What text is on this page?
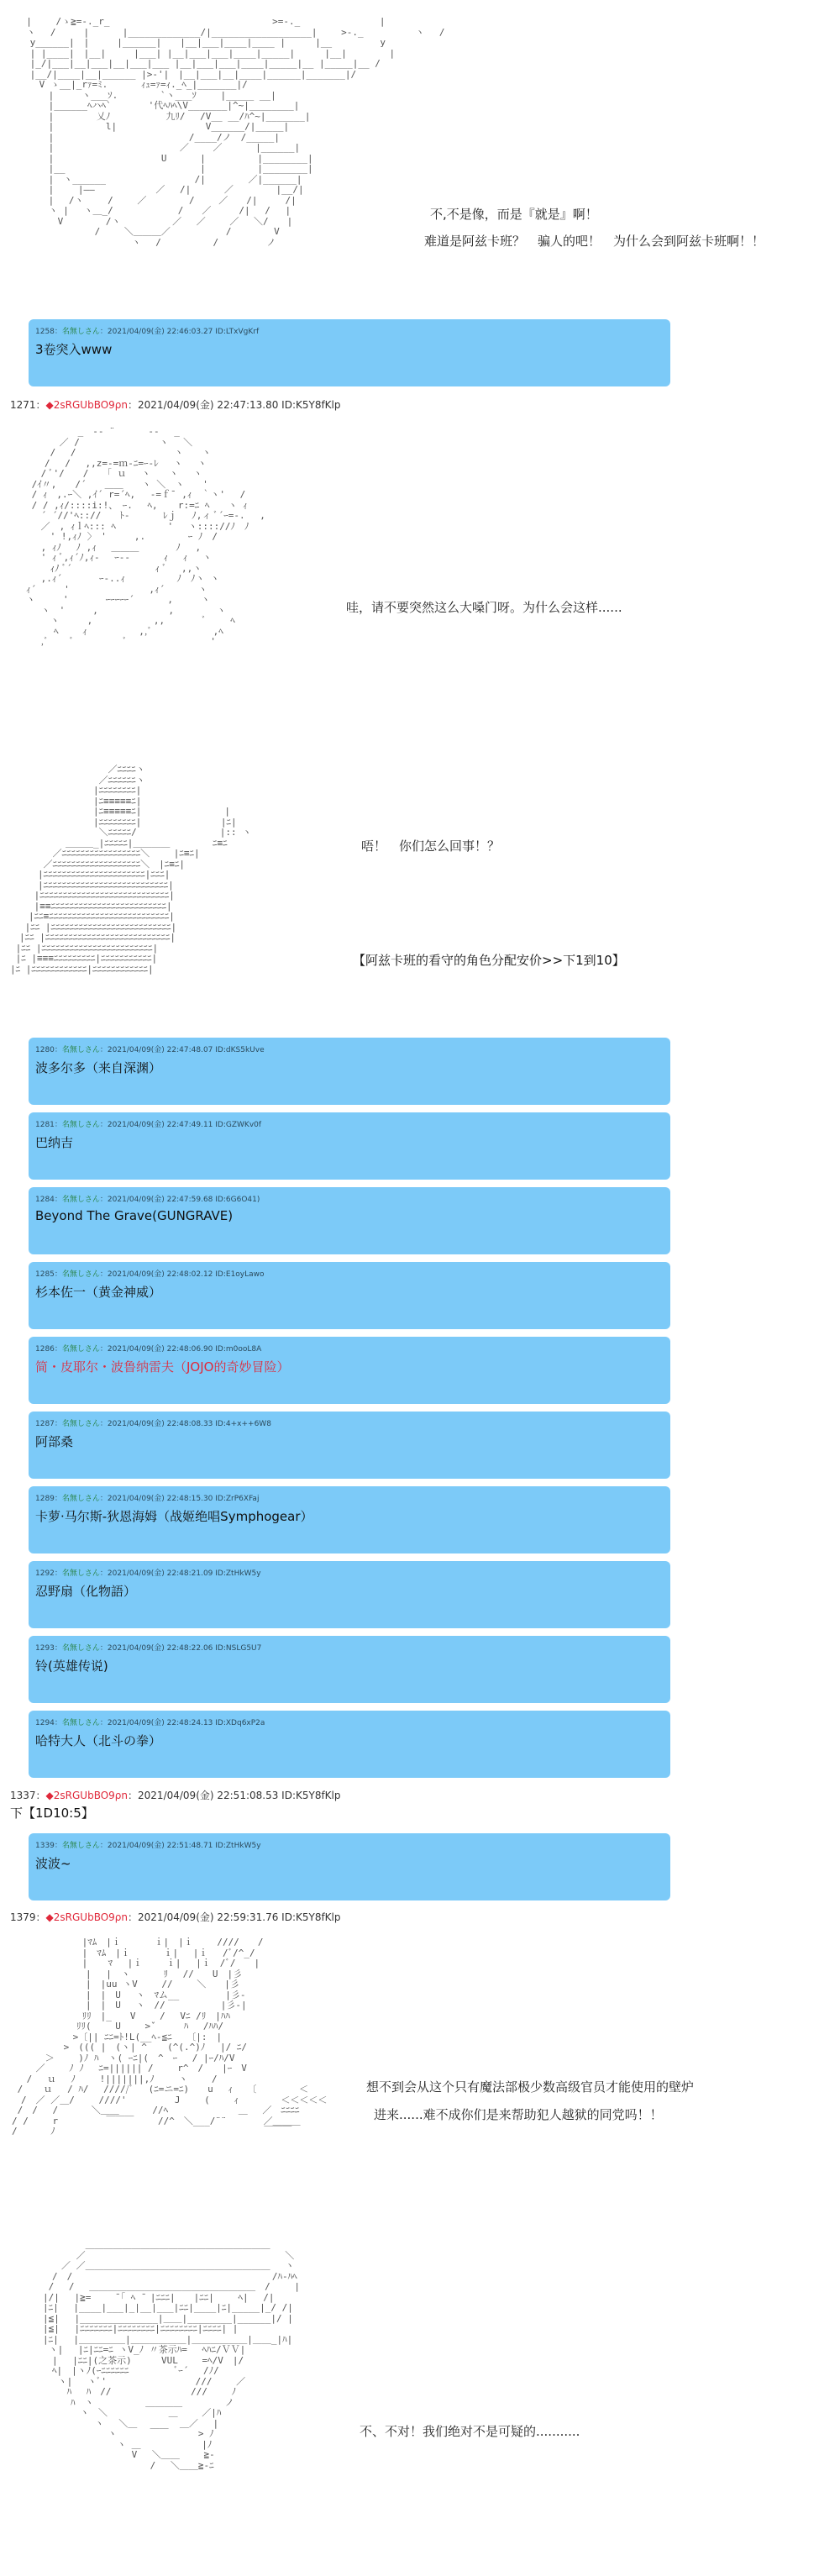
|　　 /ゝ≧=-._r_　　　　　　　　　　　　　　　　　 >=-._　　　　　　　　 |
ヽ　 /　　　|　　　 |_____________/|__________________|　 　>-._　　　　　 ヽ　 /
　 y______|　|　　　|______|　　|__|___|____|____ |　 　 |__　　 　　 y
　 | |____|　|__|　　　|___| |__|___|___|____|_____|　 　 |__|　　　 　|
　 |_/|___|__|___|__|___|___ |__|___|___|____|_____|__ |_____|__ /
　 |__/|____|__|______ |>-'|　|__|___|__|____|______|_______|/
　　 V ゝ__|_rｧ=ﾐ.　　　 ｨｭ=ｧ=ｨ._ﾍ_|_______|/
　　　 |　　　ヽ___ｿ.　　　　 `ヽ___ｿ　　 |_____ __|
　　　 |______ﾍハﾍ`　　　　'代ﾍﾊﾍ\V_______|^~|________|
　　　 |　　　　 乂ﾉ　　　　　　九ﾘ/　 /V__ __/ﾊ^~|_______|
　　　 |　　　　　 l|　　　　　　　　　 V______/|_____|
　　　 |　　　　　　　　　　　　　　 /____/ノ　/_____|
　　　 |　　　　　　　　　　　　　 ／　　 ／　　　 |______|
　　　 |　　　　　　　　　　　 U　　　 |　　　　　 |________|
　　　 |__　　　　　　　　　　　　　　 |　　　　　 |________|
　　　 |　ヽ______　　　　　　　　　 /|　　　　 ／|______|
　　 　|　　 |――　　　　　　 ／　 /|　　 　／　　　　 |__/|
　　　 |　 /ヽ　 　/　　 ／　　　　 /　　 ／　　/|　　　/|
　　　 ヽ |　 ヽ＿_/　　　　　　　/　　／　　　/|　 /　 |
　　　　 V　　　　 /ヽ　　　 　　／　 ／　　 ／　 ＼/　　|
　　　　　　　　 /　　 ＼＿＿＿／　　　　　　/　　　　 V
　　　　　　　　　　　　 ヽ　 /　　　　　 /　 　　　 ノ
不,不是像，而是『就是』啊！
难道是阿兹卡班？　骗人的吧！　为什么会到阿兹卡班啊！！
1258：名無しさん：2021/04/09(金) 22:46:03.27 ID:LTxVgKrf
3卷突入www
1271：◆2sRGUbBO9ρn：2021/04/09(金) 22:47:13.80 ID:K5Y8fKlp
　　　　　　 _　-‐ ¨￣￣￣ ‐-　 _
　　　　 ／ /　　　　　　　　 ヽ　 ＼
　　　 /　 /　　　　　　　　　　 ヽ　　ヽ
　　　/　 /　 ,,z=‐=ｍ-ﾆ=ｰ-ﾚ　 ヽ　 ヽ
　　 / ﾞ'/　　/　　「 ｕ　 ヽ　　ヽ　 ヽ
　 /ｲ〃,　　/´　　＿＿　　ヽ ＼　ヽ　　'
　 / ｨ　,.ｰ＼ ,ｲ´ r=´ﾍ,　 -=ｆ¯ ,ｨ　｀ヽ'　 /
　 / / ,ｨ/::::i:!、　ｰ.　 ﾍ, 　 r:=ﾆ ﾍ　　ヽ ｨ
　　 ´ ´//'ﾍ:://　　ﾄ-　　　 ﾚｊ　 ﾉ,ィ ﾞ´ｰ=-.　 ,
　　 ／　, ｨｌﾍ::: ﾍ　　　　　 '　 ヽ:::://ﾉ　ﾉ
　　　 ' !,ｨﾉ 〉　'　　　,.　　　　 ｰ ﾉ　/
　　 , ｨﾉ　 ﾉ ,ｨ　 ＿＿＿　　　　ﾉ　 ,
　　 ' ｨ ﾞ,ｨ´ﾉ,ｨ-　 ｰ--　　　 ｨ　 ｨ 　ヽ
　　　 ｨﾉ ﾞ´　　　　　　　　　ｨ ﾞ　 ,,ヽ
　　 ,.ｨ´　　　　ｰ-..ｨ　　　　　 ﾉ　ﾉヽ ヽ
　ｨ´　　　'　　　　　　　　 ,ｨ´　　　 ヽ
　ヽ　　　'　　　　ｰｰｰｰｰ´　　　 ,　　　ヽ
　　 ヽ　'　　　,　　　　　　　 ,　　　　 ヽ
　　　 ヽ　　　,　　　　　　 ,,　　　　ﾞ　　 ﾍ
　　　　ﾍ　　 ｨ　　　　　 ,,ﾞ　　　　　　 ,ﾍ
　　 ,ﾞ　　 ﾞ　　　　　 ﾞ　　　　　　　　　'
哇，请不要突然这么大嗓门呀。为什么会这样......
　　　　　　　　　　 ／ﾆﾆﾆﾆヽ
　　　　　　　　　 ／ﾆﾆﾆﾆﾆﾆヽ
　　　　　　　　　|ﾆﾆﾆﾆﾆﾆﾆﾆ|
　　　　　　　　　|ﾆ≡≡≡≡≡ﾆ|
　　　　　　　　　|ﾆ≡≡≡≡≡ﾆ|　　　　　　　　　|
　　　　　　　　　|ﾆﾆﾆﾆﾆﾆﾆﾆ|　　　　　　　　 |ﾆ|
　　　　　　　　　 ＼ﾆﾆﾆﾆﾆ/　　　　　　　　　|:: ヽ
　　　　　　＿＿＿_|ﾆﾆﾆﾆﾆ|＿＿＿＿　　　　 ﾆ≡ﾆ
　　　　 ／ﾆﾆﾆﾆﾆﾆﾆﾆﾆﾆﾆﾆﾆﾆﾆﾆﾆ＼　　 |ﾆ≡ﾆ|
　　　 ／ﾆﾆﾆﾆﾆﾆﾆﾆﾆﾆﾆﾆﾆﾆﾆﾆﾆﾆﾆ＼　|ﾆ≡ﾆ|
　　　|ﾆﾆﾆﾆﾆﾆﾆﾆﾆﾆﾆﾆﾆﾆﾆﾆﾆﾆﾆﾆﾆﾆ|ﾆﾆﾆ|
　　　|ﾆﾆﾆﾆﾆﾆﾆﾆﾆﾆﾆﾆﾆﾆﾆﾆﾆﾆﾆﾆﾆﾆﾆﾆﾆﾆﾆ|
　　 |ﾆﾆﾆﾆﾆﾆﾆﾆﾆﾆﾆﾆﾆﾆﾆﾆﾆﾆﾆﾆﾆﾆﾆﾆﾆﾆﾆﾆ|
　　 |≡≡ﾆﾆﾆﾆﾆﾆﾆﾆﾆﾆﾆﾆﾆﾆﾆﾆﾆﾆﾆﾆﾆﾆﾆﾆﾆ|
　　|ﾆﾆ≡ﾆﾆﾆﾆﾆﾆﾆﾆﾆﾆﾆﾆﾆﾆﾆﾆﾆﾆﾆﾆﾆﾆﾆﾆﾆﾆ|
　 |ﾆﾆ |ﾆﾆﾆﾆﾆﾆﾆﾆﾆﾆﾆﾆﾆﾆﾆﾆﾆﾆﾆﾆﾆﾆﾆﾆﾆﾆ|
　|ﾆﾆ |ﾆﾆﾆﾆﾆﾆﾆﾆﾆﾆﾆﾆﾆﾆﾆﾆﾆﾆﾆﾆﾆﾆﾆﾆﾆﾆﾆ|
|ﾆﾆ |ﾆﾆﾆﾆﾆﾆﾆﾆﾆﾆﾆﾆﾆﾆﾆﾆﾆﾆﾆﾆﾆﾆﾆﾆ|
|ﾆ |≡≡≡ﾆﾆﾆﾆﾆﾆﾆﾆﾆ|ﾆﾆﾆﾆﾆﾆﾆﾆﾆﾆﾆ|
|ﾆ |ﾆﾆﾆﾆﾆﾆﾆﾆﾆﾆﾆﾆ|ﾆﾆﾆﾆﾆﾆﾆﾆﾆﾆﾆﾆ|
唔！　你们怎么回事！？
【阿兹卡班的看守的角色分配安价>>下1到10】
1280：名無しさん：2021/04/09(金) 22:47:48.07 ID:dKS5kUve
波多尔多（来自深渊）
1281：名無しさん：2021/04/09(金) 22:47:49.11 ID:GZWKv0f
巴纳吉
1284：名無しさん：2021/04/09(金) 22:47:59.68 ID:6G6O41)
Beyond The Grave(GUNGRAVE)
1285：名無しさん：2021/04/09(金) 22:48:02.12 ID:E1oyLawo
杉本佐一（黄金神威）
1286：名無しさん：2021/04/09(金) 22:48:06.90 ID:m0ooL8A
简・皮耶尔・波鲁纳雷夫（JOJO的奇妙冒险）
1287：名無しさん：2021/04/09(金) 22:48:08.33 ID:4+x++6W8
阿部桑
1289：名無しさん：2021/04/09(金) 22:48:15.30 ID:ZrP6XFaj
卡萝·马尔斯-狄恩海姆（战姬绝唱Symphogear）
1292：名無しさん：2021/04/09(金) 22:48:21.09 ID:ZtHkW5y
忍野扇（化物語）
1293：名無しさん：2021/04/09(金) 22:48:22.06 ID:NSLG5U7
铃(英雄传说)
1294：名無しさん：2021/04/09(金) 22:48:24.13 ID:XDq6xP2a
哈特大人（北斗の拳）
1337：◆2sRGUbBO9ρn：2021/04/09(金) 22:51:08.53 ID:K5Y8fKlp
下【1D10:5】
1339：名無しさん：2021/04/09(金) 22:51:48.71 ID:ZtHkW5y
波波~
1379：◆2sRGUbBO9ρn：2021/04/09(金) 22:59:31.76 ID:K5Y8fKlp
　　　　　　　 |ﾏﾑ　|ｉ　　　 ｉ|　|ｉ　　 ////　　/
　　　　　　　 |　ﾏﾑ　|ｉ　　　 ｉ|　 |ｉ　 /ﾞ/^_/
　　　　　　　 | 　 ﾏ 　|ｉ　　 ｉ|　 |ｉ　/ﾞ/　　|
　　　　　　　　| 　|　ヽ　　　 ﾘ　 //　　U　|彡
　　　　　　　　|　|uu ヽV　　 //　　 ＼　　|彡
　　　　　　　　|　|　U　 ヽ　ﾏム__　　　　　|彡-
　　　　　　　　|　|　U　 ヽ　//　　　　　　|彡-|
　　　　　　　 ﾘﾘ　|_　　V　　 /　 Vﾆ /ﾘ　|ﾊﾊ
　　　　　　　ﾘﾘ(　 　U　　 >ˇ　　　ﾊ　 /ﾊﾊ/
　　　　　　 >〔|| ﾆﾆ=ﾄ!L(__ﾍ-≦ﾆ　 〔|:　|
　　　　　 >　((( |　(ヽ| ^ 　 (^(.^)ﾉ　 |/ ﾆ/
　　　 ＞　 　)ﾉ ﾊ　ヽ( ｰﾆ|(　^　ｰ　 / |ｰ/ﾊ/V
　　 ／　　 ﾉ ﾉ　 ﾆ=|||||| /　　 r^　/　　|ｰ　V
　 / 　ｕ　 ﾉ　　 !|||||||,ﾉ　　 ヽ　　 /
/ 　 ｕ 　/ ﾊ/　 /////ﾞ　 (ﾆ=ニ=ﾆ)　　u　 ｨ　 〔　　　　 ＜
　/　／ ／＿/　　 ////' 　　　　 J　　 (　　 ｨ　　　　 ＜＜＜＜＜
/　/　 /　　　 ＼＿＿　　　 //ﾍ　　　　　　　 ＿　 ／　ﾆﾆﾆﾆ
/ /　　 r 　　　　 ￣￣￣　　 //^　＼___/¨¨　　　　／＿＿＿
/　　　 ﾉ　　　　　　　　　　　　　　　　　　　　　　 ￣￣￣
想不到会从这个只有魔法部极少数高级官员才能使用的壁炉
进来......难不成你们是来帮助犯人越狱的同党吗！！
　　　　　　　 ＿＿＿＿＿＿＿＿＿＿＿＿＿＿＿＿＿＿＿＿
　　　　　　 ／　　　　　　　　　　　　　　　　　　　　　 ＼
　　　　　／ ／＿＿＿＿＿＿＿＿＿＿＿＿＿＿＿＿＿＿＿＿　 ヽ
　　　　/　/　　　　　　　　　　　　　　　　　　　　　 /ﾊ-ﾊﾍ
　　　 / 　/　 ＿＿＿＿＿＿＿＿＿＿＿＿＿＿＿＿＿＿　/　　 |
　　　|/|　 |≧=　　 ̄ ｢ ﾍ ̄　|ﾆﾆﾆ|　　|ﾆﾆ|　　 ﾍ|　 /|
　　　|ﾆ|　 |____|___|_|__|___|ﾆﾆ|____|ﾆ|_____|_/ /|
　　　|≦|　 |______________|＿＿|________|______|/ |
　　　|≦|　 |ﾆﾆﾆﾆﾆﾆﾆ|ﾆﾆﾆﾆﾆﾆﾆﾆ|ﾆﾆﾆﾆﾆﾆﾆﾆ|ﾆﾆﾆﾆ| |
　　　|ﾆ|　 |＿＿＿＿＿|＿＿＿＿＿＿|＿＿＿＿＿＿|＿＿_|ﾊ|
　　　 ヽ|　 |ﾆ|ﾆﾆ=ﾆ ヽV_ﾉ 〃茶示ﾊ=　 ﾍﾊﾆ/ＶＶ|
　　　　|　 |ﾆﾆ|(之茶示) 　 　VUL　　 =ﾍ/V　|/
　　　　ﾍ|　|ヽﾉ(ｰﾆﾆﾆﾆﾆﾆ　　 　　 ﾞｰ´ 　/ﾉ/
　　　　 ヽ|　 ヽﾞ'　　　 　　　　　　///　　 ／
　　　　　 ﾊ　 ﾊ　//　　　　　　　　 ///　　 ﾉ
　　　　　　ﾊ　ヽ　　　　　 ＿＿＿＿　　　　 ノ
　　　　　　　ヽ　＼　　　　　　 ＿　　 ／|ﾊ
　　　　　　　　 ヽ　 ＼＿　　　　 ＿／　 |
　　　　　　　　　　ヽ　　　 ￣￣ 　　 > ﾉ
　　　　　　　　　　　ヽ ＿　　　　　　 |ﾉ
　　　　　　　　　　　　 V　 ＼＿＿　　 ≧-
　　　　　　　　　　　　　　 /　 ＼＿＿≧-ﾆ
不、不对！我们绝对不是可疑的...........
